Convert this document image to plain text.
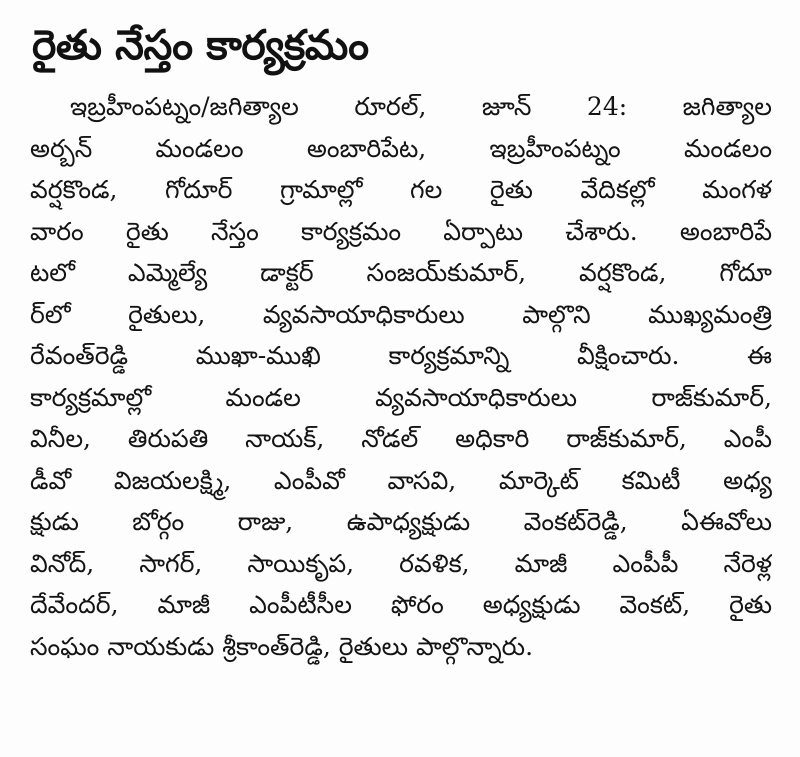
రైతు నేస్తం కార్యక్రమం
ఇబ్రహీంపట్నం/జగిత్యాల రూరల్, జూన్ 24: జగిత్యాల
అర్బన్ మండలం అంబారిపేట, ఇబ్రహీంపట్నం మండలం
వర్షకొండ, గోదూర్ గ్రామాల్లో గల రైతు వేదికల్లో మంగళ
వారం రైతు నేస్తం కార్యక్రమం ఏర్పాటు చేశారు. అంబారిపే
టలో ఎమ్మెల్యే డాక్టర్ సంజయ్‌కుమార్, వర్షకొండ, గోదూ
ర్‌లో రైతులు, వ్యవసాయాధికారులు పాల్గొని ముఖ్యమంత్రి
రేవంత్‌రెడ్డి ముఖా-ముఖి కార్యక్రమాన్ని వీక్షించారు. ఈ
కార్యక్రమాల్లో మండల వ్యవసాయాధికారులు రాజ్‌కుమార్,
వినీల, తిరుపతి నాయక్, నోడల్ అధికారి రాజ్‌కుమార్, ఎంపీ
డీవో విజయలక్ష్మి, ఎంపీవో వాసవి, మార్కెట్ కమిటీ అధ్య
క్షుడు బోర్గం రాజు, ఉపాధ్యక్షుడు వెంకట్‌రెడ్డి, ఏఈవోలు
వినోద్, సాగర్, సాయికృప, రవళిక, మాజీ ఎంపీపీ నేరెళ్ల
దేవేందర్, మాజీ ఎంపీటీసీల ఫోరం అధ్యక్షుడు వెంకట్, రైతు
సంఘం నాయకుడు శ్రీకాంత్‌రెడ్డి, రైతులు పాల్గొన్నారు.
